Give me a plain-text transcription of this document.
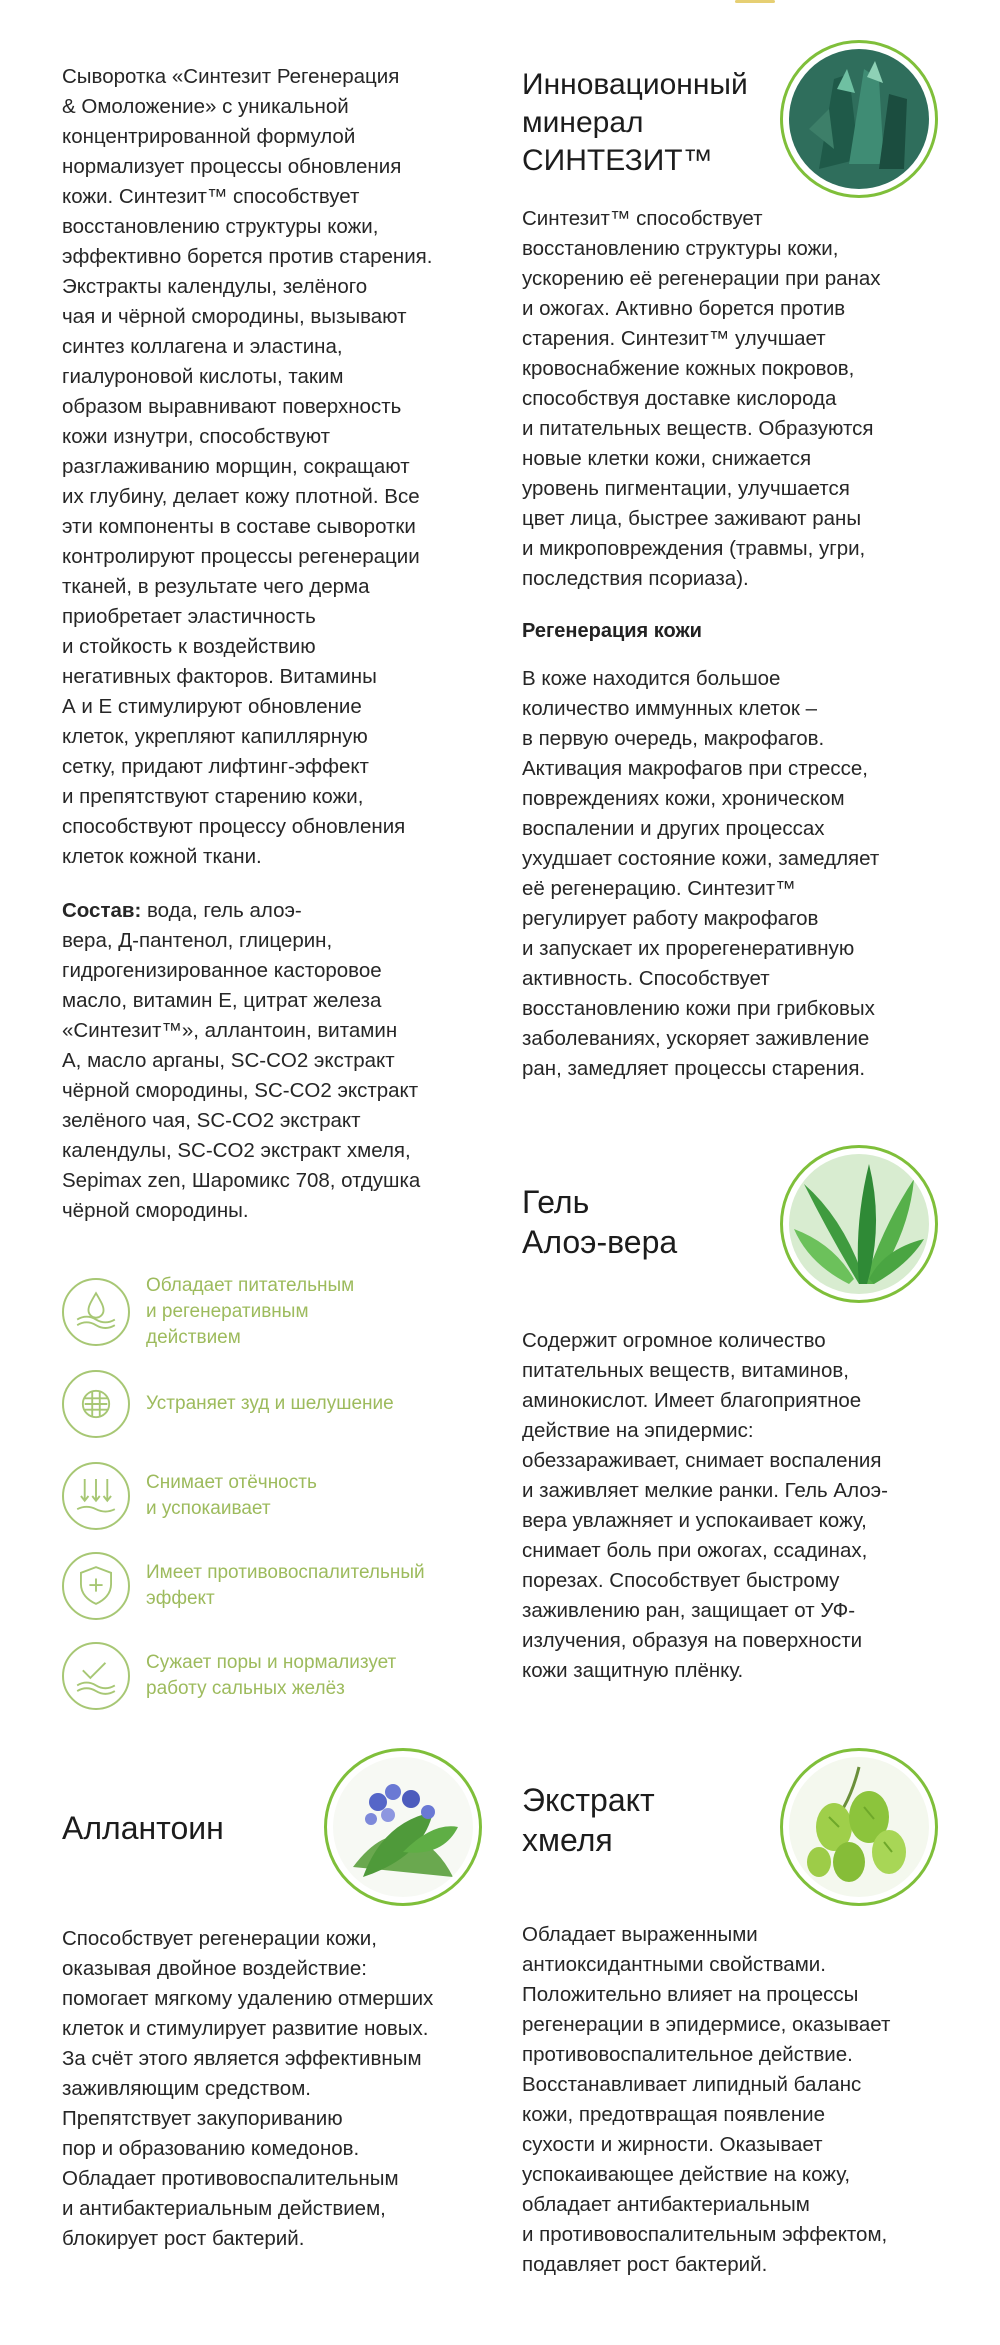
Сыворотка «Синтезит Регенерация
& Омоложение» с уникальной
концентрированной формулой
нормализует процессы обновления
кожи. Синтезит™ способствует
восстановлению структуры кожи,
эффективно борется против старения.
Экстракты календулы, зелёного
чая и чёрной смородины, вызывают
синтез коллагена и эластина,
гиалуроновой кислоты, таким
образом выравнивают поверхность
кожи изнутри, способствуют
разглаживанию морщин, сокращают
их глубину, делает кожу плотной. Все
эти компоненты в составе сыворотки
контролируют процессы регенерации
тканей, в результате чего дерма
приобретает эластичность
и стойкость к воздействию
негативных факторов. Витамины
А и Е стимулируют обновление
клеток, укрепляют капиллярную
сетку, придают лифтинг-эффект
и препятствуют старению кожи,
способствуют процессу обновления
клеток кожной ткани.
Состав: вода, гель алоэ-
вера, Д-пантенол, глицерин,
гидрогенизированное касторовое
масло, витамин Е, цитрат железа
«Синтезит™», аллантоин, витамин
А, масло арганы, SC-CO2 экстракт
чёрной смородины, SC-CO2 экстракт
зелёного чая, SC-CO2 экстракт
календулы, SC-CO2 экстракт хмеля,
Sepimax zen, Шаромикс 708, отдушка
чёрной смородины.
Обладает питательным
и регенеративным
действием
Устраняет зуд и шелушение
Снимает отёчность
и успокаивает
Имеет противовоспалительный
эффект
Сужает поры и нормализует
работу сальных желёз
Аллантоин
Способствует регенерации кожи,
оказывая двойное воздействие:
помогает мягкому удалению отмерших
клеток и стимулирует развитие новых.
За счёт этого является эффективным
заживляющим средством.
Препятствует закупориванию
пор и образованию комедонов.
Обладает противовоспалительным
и антибактериальным действием,
блокирует рост бактерий.
Инновационный
минерал
СИНТЕЗИТ™
Синтезит™ способствует
восстановлению структуры кожи,
ускорению её регенерации при ранах
и ожогах. Активно борется против
старения. Синтезит™ улучшает
кровоснабжение кожных покровов,
способствуя доставке кислорода
и питательных веществ. Образуются
новые клетки кожи, снижается
уровень пигментации, улучшается
цвет лица, быстрее заживают раны
и микроповреждения (травмы, угри,
последствия псориаза).
Регенерация кожи
В коже находится большое
количество иммунных клеток –
в первую очередь, макрофагов.
Активация макрофагов при стрессе,
повреждениях кожи, хроническом
воспалении и других процессах
ухудшает состояние кожи, замедляет
её регенерацию. Синтезит™
регулирует работу макрофагов
и запускает их прорегенеративную
активность. Способствует
восстановлению кожи при грибковых
заболеваниях, ускоряет заживление
ран, замедляет процессы старения.
Гель
Алоэ-вера
Содержит огромное количество
питательных веществ, витаминов,
аминокислот. Имеет благоприятное
действие на эпидермис:
обеззараживает, снимает воспаления
и заживляет мелкие ранки. Гель Алоэ-
вера увлажняет и успокаивает кожу,
снимает боль при ожогах, ссадинах,
порезах. Способствует быстрому
заживлению ран, защищает от УФ-
излучения, образуя на поверхности
кожи защитную плёнку.
Экстракт
хмеля
Обладает выраженными
антиоксидантными свойствами.
Положительно влияет на процессы
регенерации в эпидермисе, оказывает
противовоспалительное действие.
Восстанавливает липидный баланс
кожи, предотвращая появление
сухости и жирности. Оказывает
успокаивающее действие на кожу,
обладает антибактериальным
и противовоспалительным эффектом,
подавляет рост бактерий.
